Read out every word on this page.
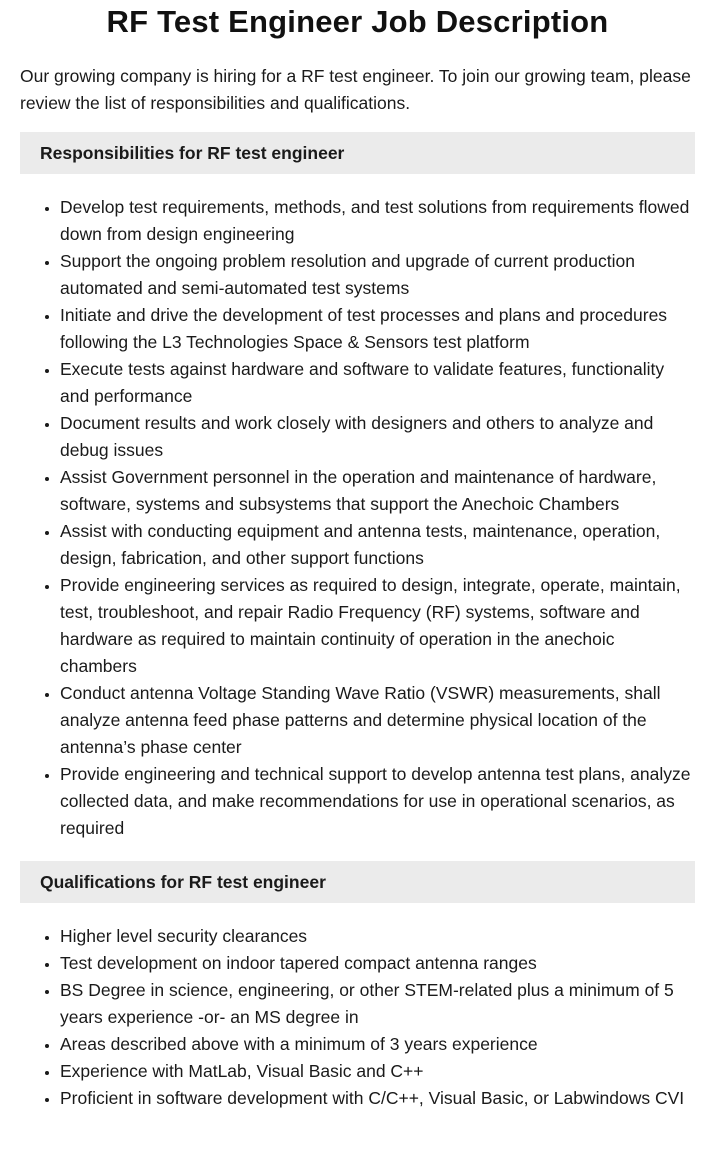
RF Test Engineer Job Description

Our growing company is hiring for a RF test engineer. To join our growing team, please review the list of responsibilities and qualifications.

Responsibilities for RF test engineer
• Develop test requirements, methods, and test solutions from requirements flowed down from design engineering
• Support the ongoing problem resolution and upgrade of current production automated and semi-automated test systems
• Initiate and drive the development of test processes and plans and procedures following the L3 Technologies Space & Sensors test platform
• Execute tests against hardware and software to validate features, functionality and performance
• Document results and work closely with designers and others to analyze and debug issues
• Assist Government personnel in the operation and maintenance of hardware, software, systems and subsystems that support the Anechoic Chambers
• Assist with conducting equipment and antenna tests, maintenance, operation, design, fabrication, and other support functions
• Provide engineering services as required to design, integrate, operate, maintain, test, troubleshoot, and repair Radio Frequency (RF) systems, software and hardware as required to maintain continuity of operation in the anechoic chambers
• Conduct antenna Voltage Standing Wave Ratio (VSWR) measurements, shall analyze antenna feed phase patterns and determine physical location of the antenna’s phase center
• Provide engineering and technical support to develop antenna test plans, analyze collected data, and make recommendations for use in operational scenarios, as required
Qualifications for RF test engineer
• Higher level security clearances
• Test development on indoor tapered compact antenna ranges
• BS Degree in science, engineering, or other STEM-related plus a minimum of 5 years experience -or- an MS degree in
• Areas described above with a minimum of 3 years experience
• Experience with MatLab, Visual Basic and C++
• Proficient in software development with C/C++, Visual Basic, or Labwindows CVI
